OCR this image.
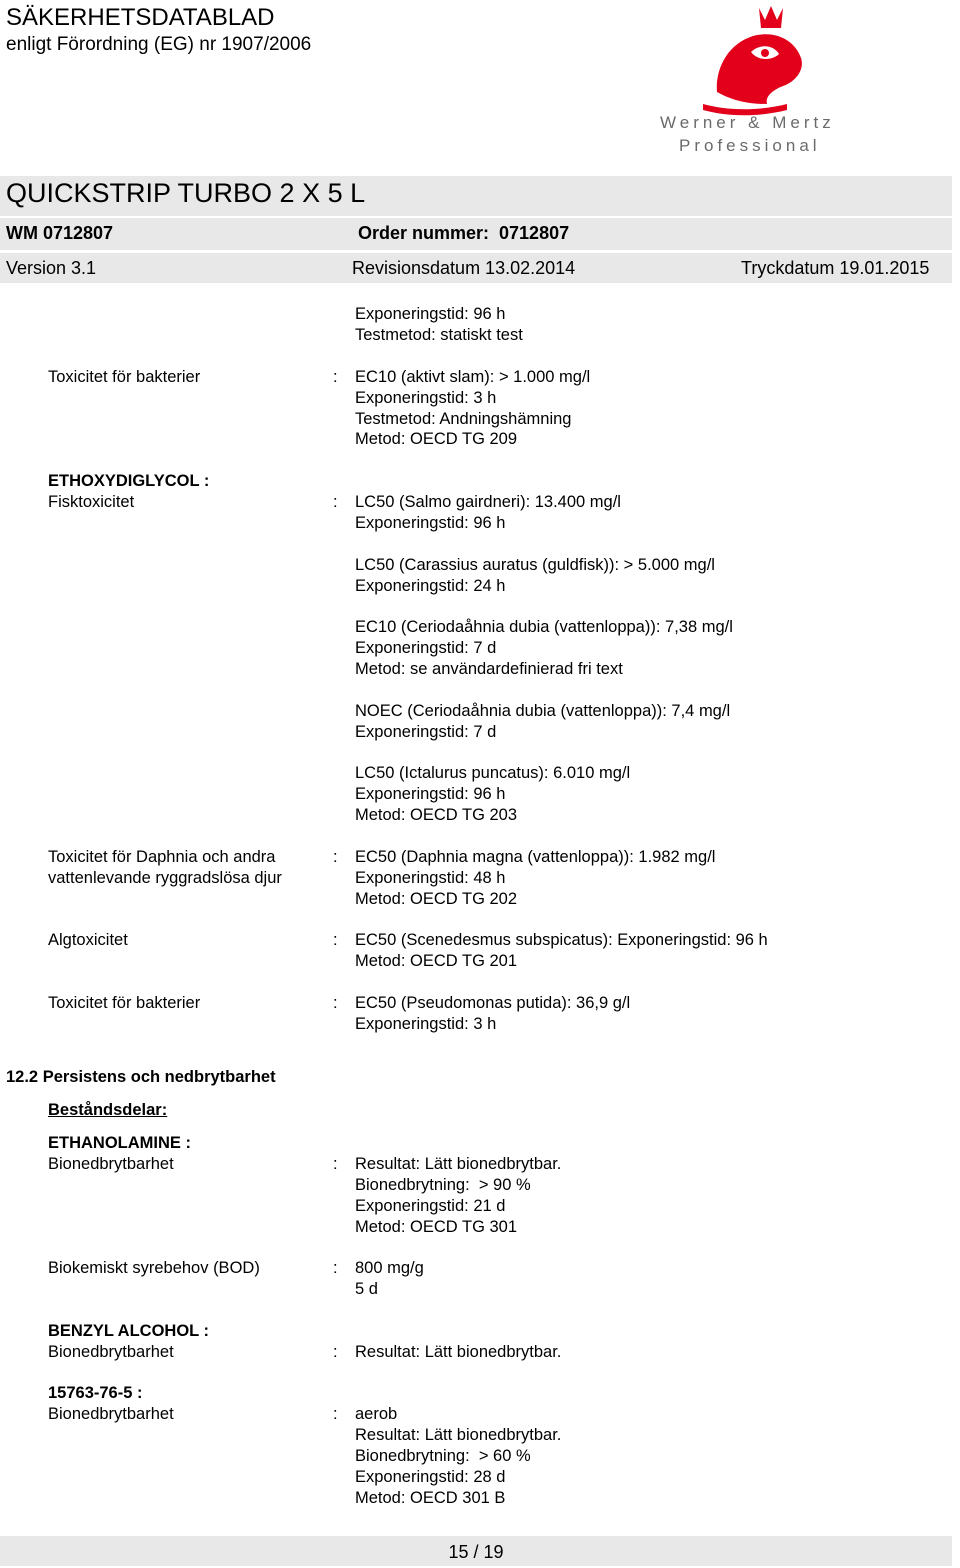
SÄKERHETSDATABLAD
enligt Förordning (EG) nr 1907/2006
Werner & Mertz
Professional
QUICKSTRIP TURBO 2 X 5 L
WM 0712807	Order nummer:  0712807
Version 3.1	Revisionsdatum 13.02.2014	Tryckdatum 19.01.2015
Exponeringstid: 96 h
Testmetod: statiskt test
Toxicitet för bakterier	: EC10 (aktivt slam): > 1.000 mg/l
Exponeringstid: 3 h
Testmetod: Andningshämning
Metod: OECD TG 209
ETHOXYDIGLYCOL :
Fisktoxicitet	: LC50 (Salmo gairdneri): 13.400 mg/l
Exponeringstid: 96 h
LC50 (Carassius auratus (guldfisk)): > 5.000 mg/l
Exponeringstid: 24 h
EC10 (Ceriodaåhnia dubia (vattenloppa)): 7,38 mg/l
Exponeringstid: 7 d
Metod: se användardefinierad fri text
NOEC (Ceriodaåhnia dubia (vattenloppa)): 7,4 mg/l
Exponeringstid: 7 d
LC50 (Ictalurus puncatus): 6.010 mg/l
Exponeringstid: 96 h
Metod: OECD TG 203
Toxicitet för Daphnia och andra
vattenlevande ryggradslösa djur
: EC50 (Daphnia magna (vattenloppa)): 1.982 mg/l
Exponeringstid: 48 h
Metod: OECD TG 202
Algtoxicitet	: EC50 (Scenedesmus subspicatus): Exponeringstid: 96 h
Metod: OECD TG 201
Toxicitet för bakterier	: EC50 (Pseudomonas putida): 36,9 g/l
Exponeringstid: 3 h
12.2 Persistens och nedbrytbarhet
Beståndsdelar:
ETHANOLAMINE :
Bionedbrytbarhet	: Resultat: Lätt bionedbrytbar.
Bionedbrytning:  > 90 %
Exponeringstid: 21 d
Metod: OECD TG 301
Biokemiskt syrebehov (BOD)	: 800 mg/g
5 d
BENZYL ALCOHOL :
Bionedbrytbarhet	: Resultat: Lätt bionedbrytbar.
15763-76-5 :
Bionedbrytbarhet	: aerob
Resultat: Lätt bionedbrytbar.
Bionedbrytning:  > 60 %
Exponeringstid: 28 d
Metod: OECD 301 B
15 / 19
